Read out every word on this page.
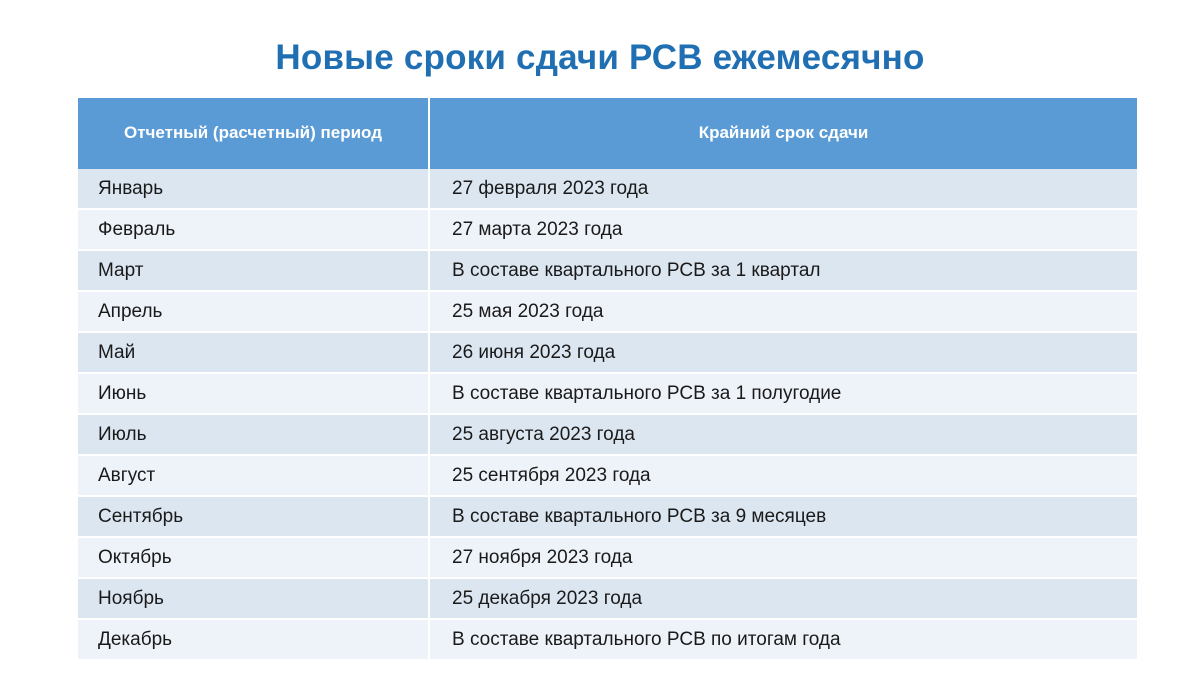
Новые сроки сдачи РСВ ежемесячно
Отчетный (расчетный) период	Крайний срок сдачи
Январь	27 февраля 2023 года
Февраль	27 марта 2023 года
Март	В составе квартального РСВ за 1 квартал
Апрель	25 мая 2023 года
Май	26 июня 2023 года
Июнь	В составе квартального РСВ за 1 полугодие
Июль	25 августа 2023 года
Август	25 сентября 2023 года
Сентябрь	В составе квартального РСВ за 9 месяцев
Октябрь	27 ноября 2023 года
Ноябрь	25 декабря 2023 года
Декабрь	В составе квартального РСВ по итогам года
